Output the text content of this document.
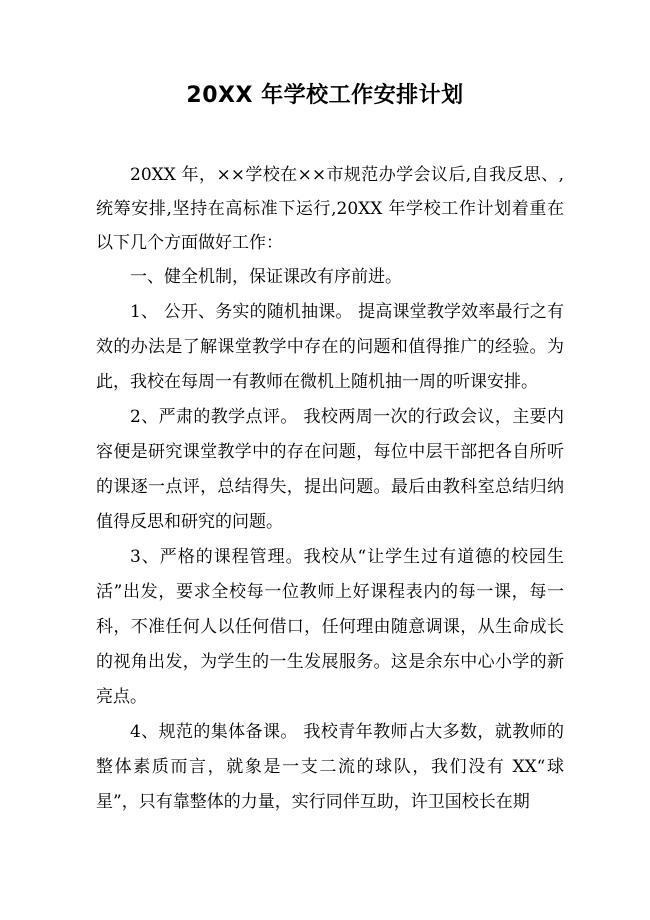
20XX 年学校工作安排计划

20XX 年，××学校在××市规范办学会议后,自我反思、,统筹安排,坚持在高标准下运行,20XX 年学校工作计划着重在以下几个方面做好工作：

一、健全机制，保证课改有序前进。

1、 公开、务实的随机抽课。 提高课堂教学效率最行之有效的办法是了解课堂教学中存在的问题和值得推广的经验。为此，我校在每周一有教师在微机上随机抽一周的听课安排。

2、严肃的教学点评。 我校两周一次的行政会议，主要内容便是研究课堂教学中的存在问题，每位中层干部把各自所听的课逐一点评，总结得失，提出问题。最后由教科室总结归纳值得反思和研究的问题。

3、严格的课程管理。我校从“让学生过有道德的校园生活”出发，要求全校每一位教师上好课程表内的每一课，每一科，不准任何人以任何借口，任何理由随意调课，从生命成长的视角出发，为学生的一生发展服务。这是余东中心小学的新亮点。

4、规范的集体备课。 我校青年教师占大多数，就教师的整体素质而言，就象是一支二流的球队，我们没有 XX“球星”，只有靠整体的力量，实行同伴互助，许卫国校长在期
